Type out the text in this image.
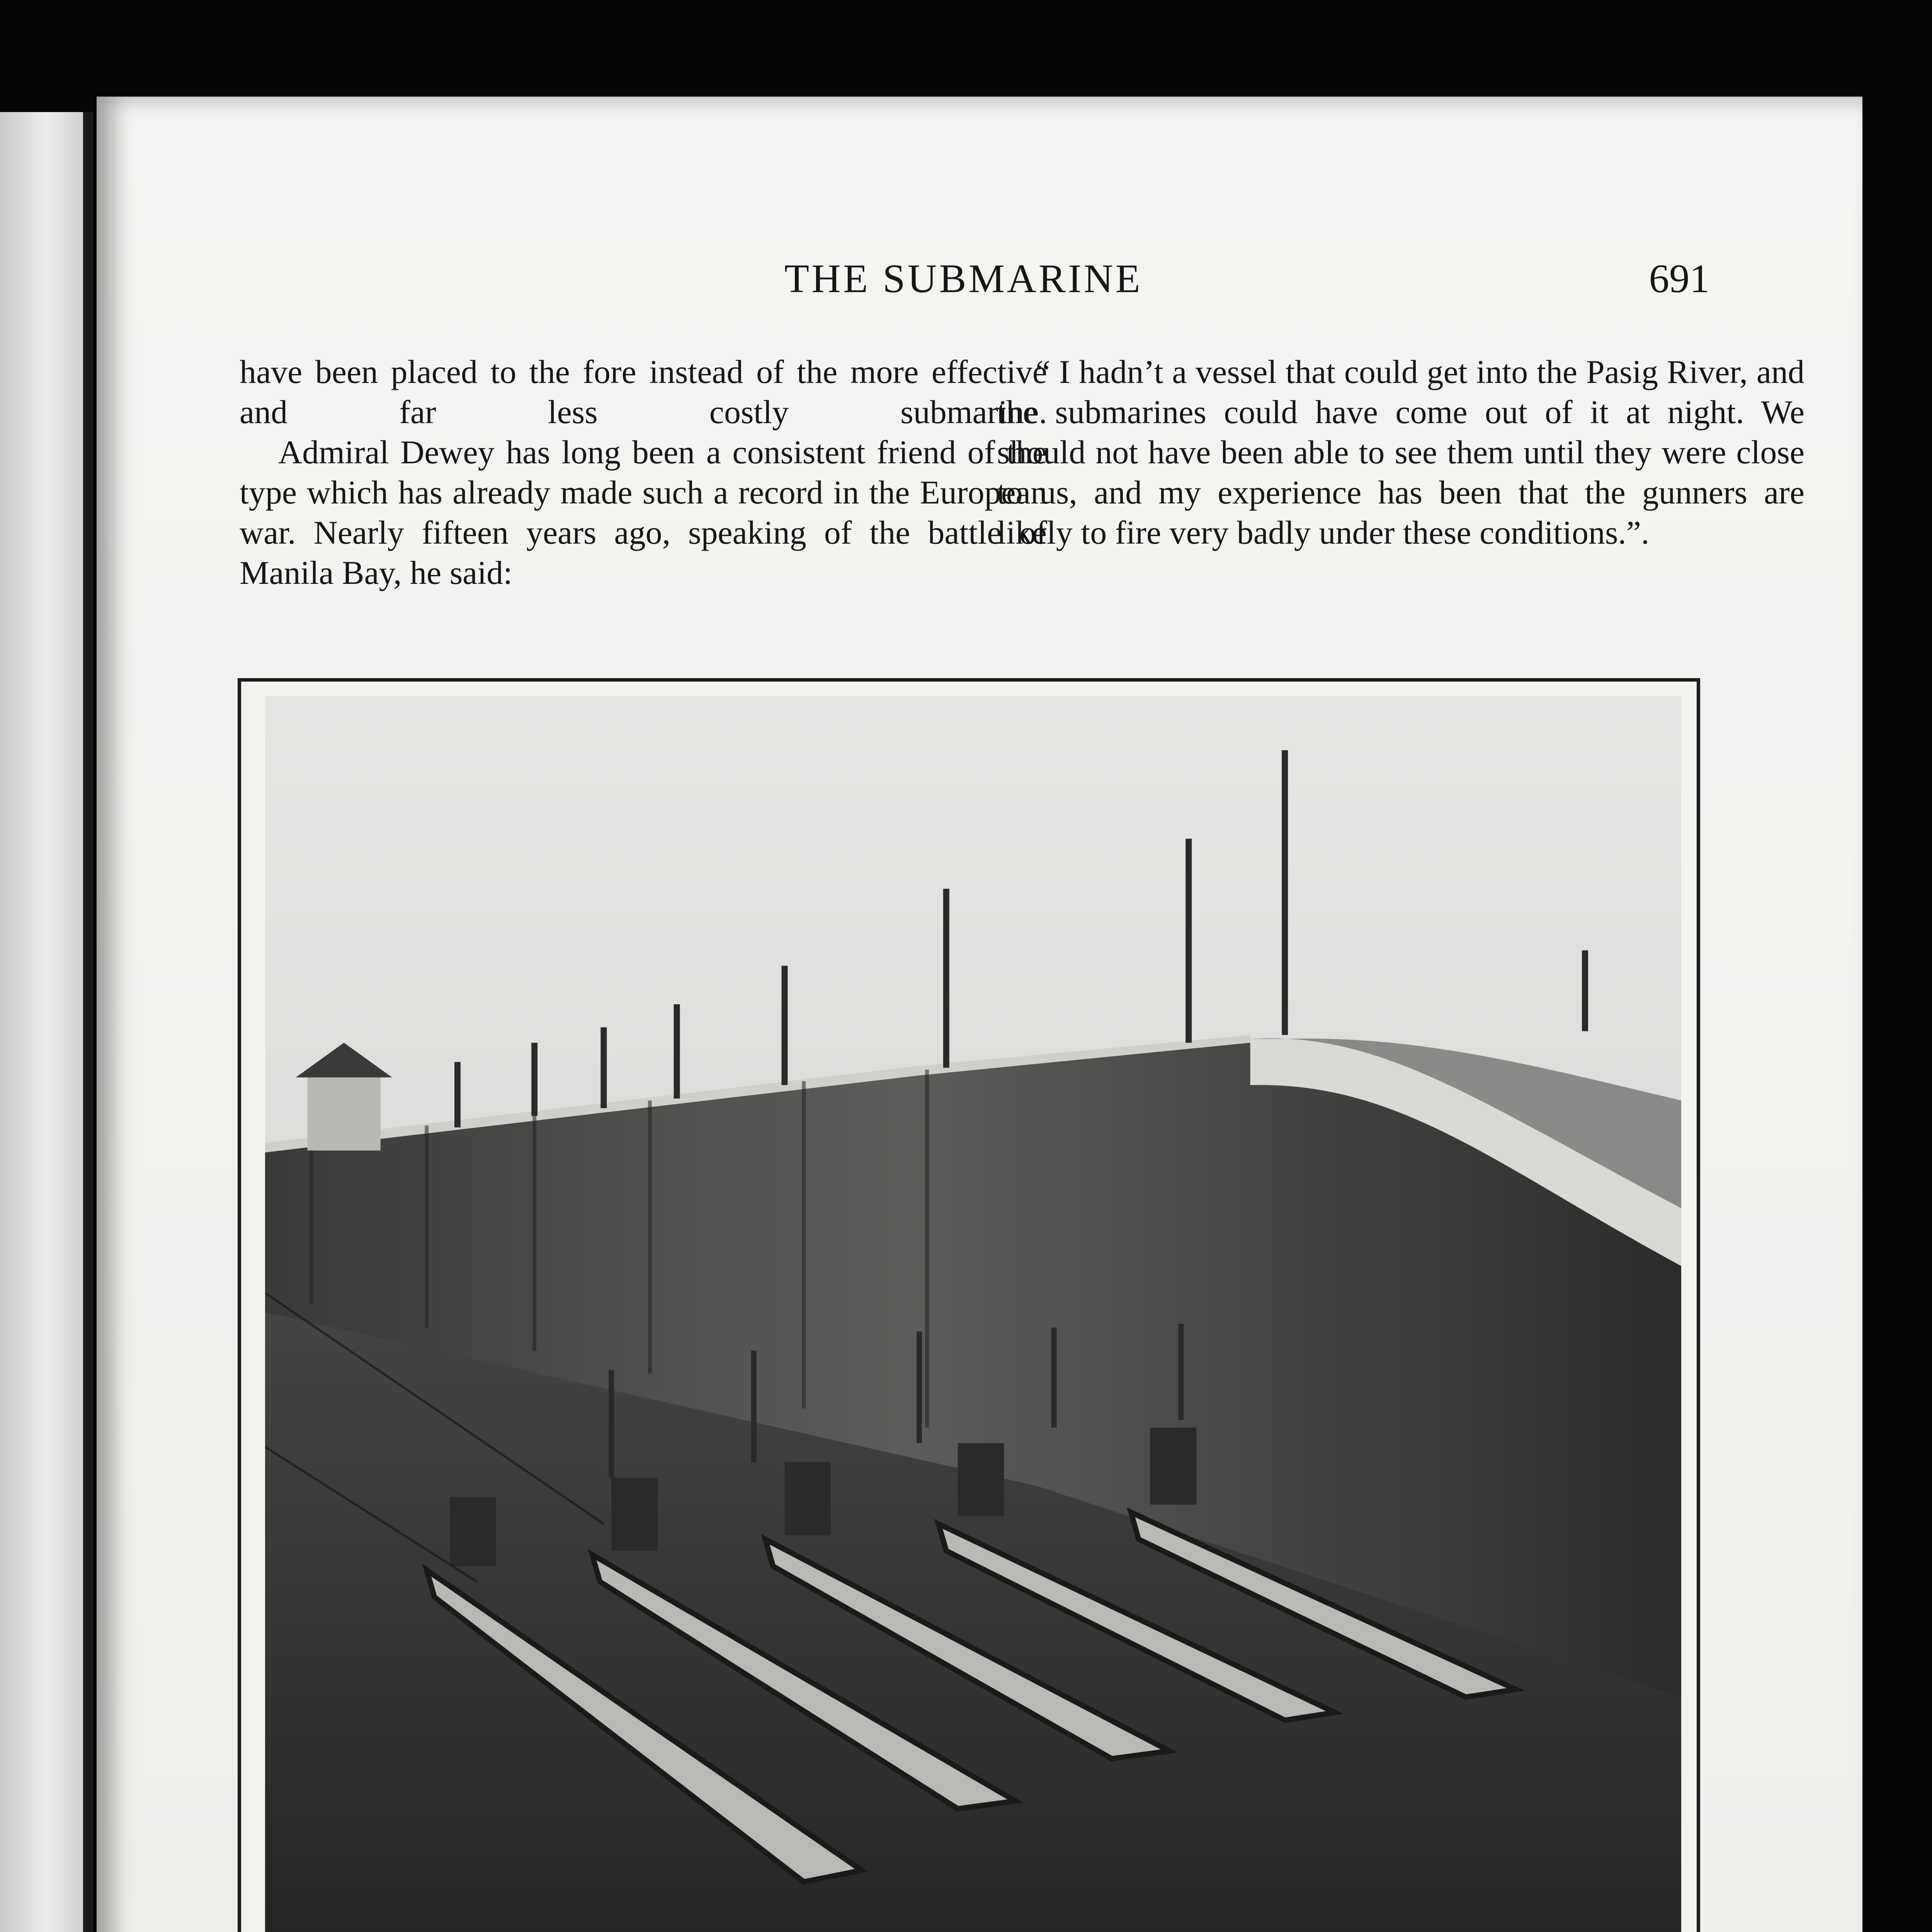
THE SUBMARINE	691

have been placed to the fore instead of the more effective and far less costly submarine.

Admiral Dewey has long been a consistent friend of the type which has already made such a record in the European war. Nearly fifteen years ago, speaking of the battle of Manila Bay, he said:

“ I hadn’t a vessel that could get into the Pasig River, and the submarines could have come out of it at night. We should not have been able to see them until they were close to us, and my experience has been that the gunners are likely to fire very badly under these conditions.”.
